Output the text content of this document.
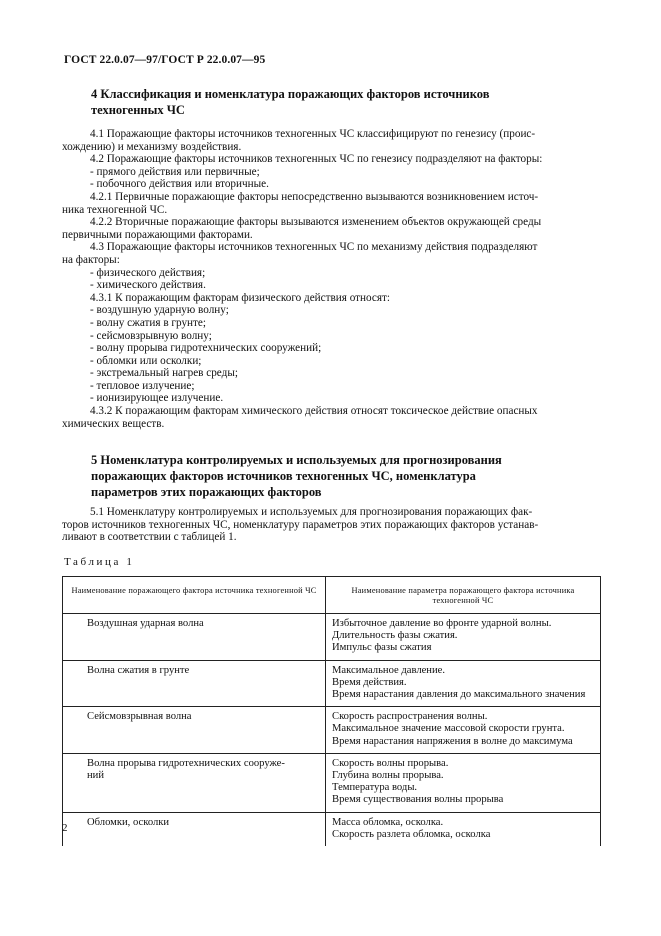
ГОСТ 22.0.07—97/ГОСТ Р 22.0.07—95
4 Классификация и номенклатура поражающих факторов источников
техногенных ЧС

4.1 Поражающие факторы источников техногенных ЧС классифицируют по генезису (проис-

хождению) и механизму воздействия.

4.2 Поражающие факторы источников техногенных ЧС по генезису подразделяют на факторы:

- прямого действия или первичные;

- побочного действия или вторичные.

4.2.1 Первичные поражающие факторы непосредственно вызываются возникновением источ-

ника техногенной ЧС.

4.2.2 Вторичные поражающие факторы вызываются изменением объектов окружающей среды

первичными поражающими факторами.

4.3 Поражающие факторы источников техногенных ЧС по механизму действия подразделяют

на факторы:

- физического действия;

- химического действия.

4.3.1 К поражающим факторам физического действия относят:

- воздушную ударную волну;

- волну сжатия в грунте;

- сейсмовзрывную волну;

- волну прорыва гидротехнических сооружений;

- обломки или осколки;

- экстремальный нагрев среды;

- тепловое излучение;

- ионизирующее излучение.

4.3.2 К поражающим факторам химического действия относят токсическое действие опасных

химических веществ.

5 Номенклатура контролируемых и используемых для прогнозирования
поражающих факторов источников техногенных ЧС, номенклатура
параметров этих поражающих факторов

5.1 Номенклатуру контролируемых и используемых для прогнозирования поражающих фак-

торов источников техногенных ЧС, номенклатуру параметров этих поражающих факторов устанав-

ливают в соответствии с таблицей 1.

Таблица 1
Наименование поражающего фактора источника техногенной ЧС	Наименование параметра поражающего фактора источника техногенной ЧС

Воздушная ударная волна	Избыточное давление во фронте ударной волны.
Длительность фазы сжатия.
Импульс фазы сжатия

Волна сжатия в грунте	Максимальное давление.
Время действия.
Время нарастания давления до максимального значения

Сейсмовзрывная волна	Скорость распространения волны.
Максимальное значение массовой скорости грунта.
Время нарастания напряжения в волне до максимума

Волна прорыва гидротехнических сооруже-
ний	Скорость волны прорыва.
Глубина волны прорыва.
Температура воды.
Время существования волны прорыва

Обломки, осколки	Масса обломка, осколка.
Скорость разлета обломка, осколка
2
